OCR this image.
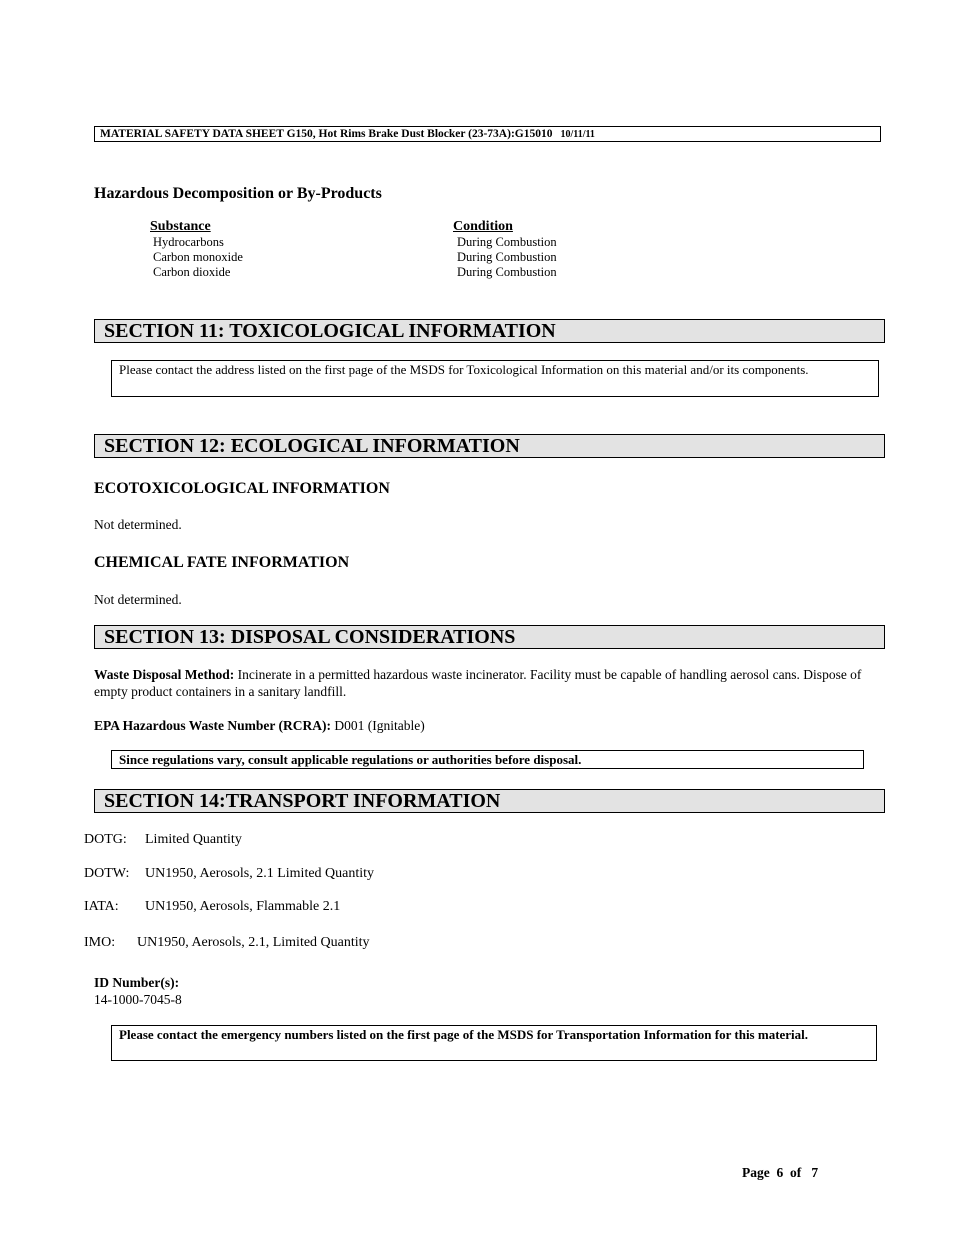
MATERIAL SAFETY DATA SHEET G150, Hot Rims Brake Dust Blocker (23-73A):G15010 10/11/11
Hazardous Decomposition or By-Products
Substance	Condition
Hydrocarbons	During Combustion
Carbon monoxide	During Combustion
Carbon dioxide	During Combustion
SECTION 11: TOXICOLOGICAL INFORMATION
Please contact the address listed on the first page of the MSDS for Toxicological Information on this material and/or its components.
SECTION 12: ECOLOGICAL INFORMATION
ECOTOXICOLOGICAL INFORMATION
Not determined.
CHEMICAL FATE INFORMATION
Not determined.
SECTION 13: DISPOSAL CONSIDERATIONS
Waste Disposal Method: Incinerate in a permitted hazardous waste incinerator. Facility must be capable of handling aerosol cans. Dispose of empty product containers in a sanitary landfill.
EPA Hazardous Waste Number (RCRA): D001 (Ignitable)
Since regulations vary, consult applicable regulations or authorities before disposal.
SECTION 14:TRANSPORT INFORMATION
DOTG: Limited Quantity
DOTW: UN1950, Aerosols, 2.1 Limited Quantity
IATA: UN1950, Aerosols, Flammable 2.1
IMO: UN1950, Aerosols, 2.1, Limited Quantity
ID Number(s):
14-1000-7045-8
Please contact the emergency numbers listed on the first page of the MSDS for Transportation Information for this material.
Page 6 of 7
